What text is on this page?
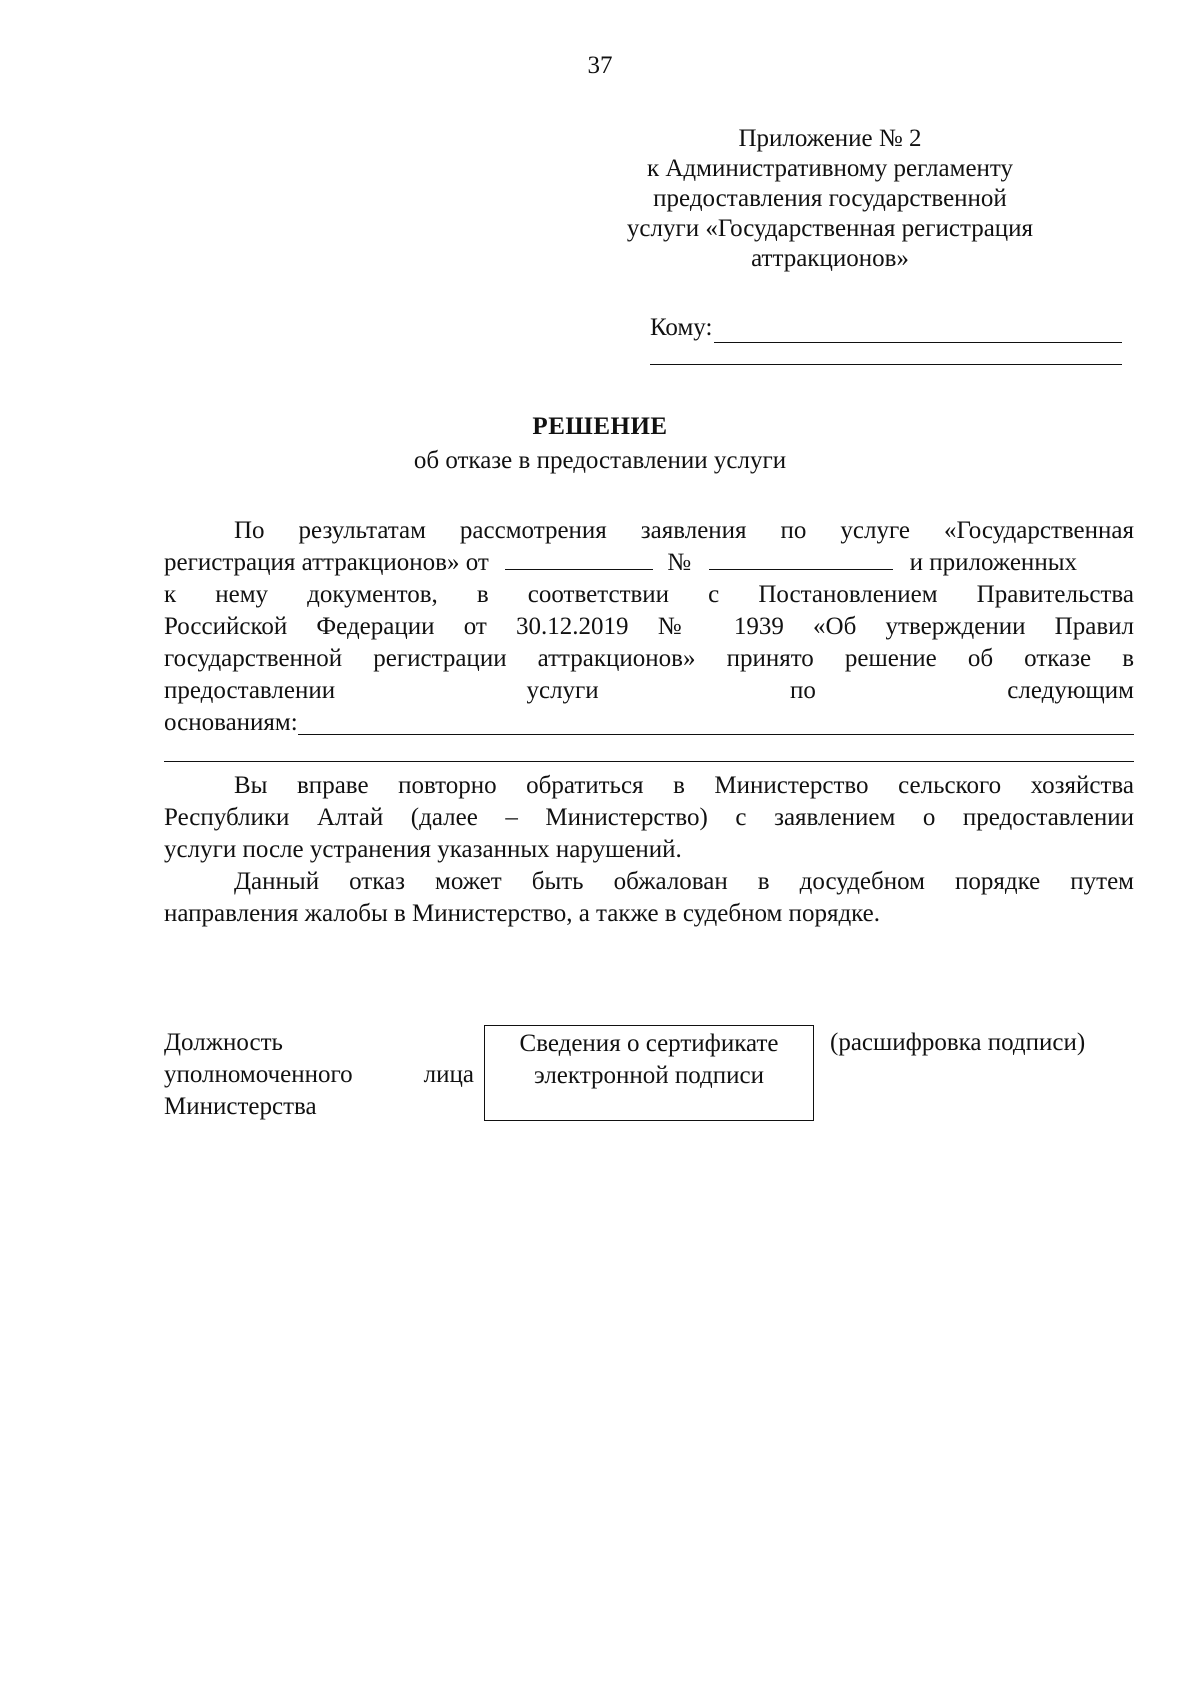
37
Приложение № 2
к Административному регламенту
предоставления государственной
услуги «Государственная регистрация
аттракционов»
Кому:
РЕШЕНИЕ
об отказе в предоставлении услуги
По результатам рассмотрения заявления по услуге «Государственная
регистрация аттракционов» от	№	и приложенных
к нему документов, в соответствии с Постановлением Правительства
Российской Федерации от 30.12.2019 № 1939 «Об утверждении Правил
государственной регистрации аттракционов» принято решение об отказе в
предоставлении услуги по следующим
основаниям:
Вы вправе повторно обратиться в Министерство сельского хозяйства
Республики Алтай (далее – Министерство) с заявлением о предоставлении
услуги после устранения указанных нарушений.
Данный отказ может быть обжалован в досудебном порядке путем
направления жалобы в Министерство, а также в судебном порядке.
Должность
уполномоченного лица
Министерства
Сведения о сертификате
электронной подписи
(расшифровка подписи)
